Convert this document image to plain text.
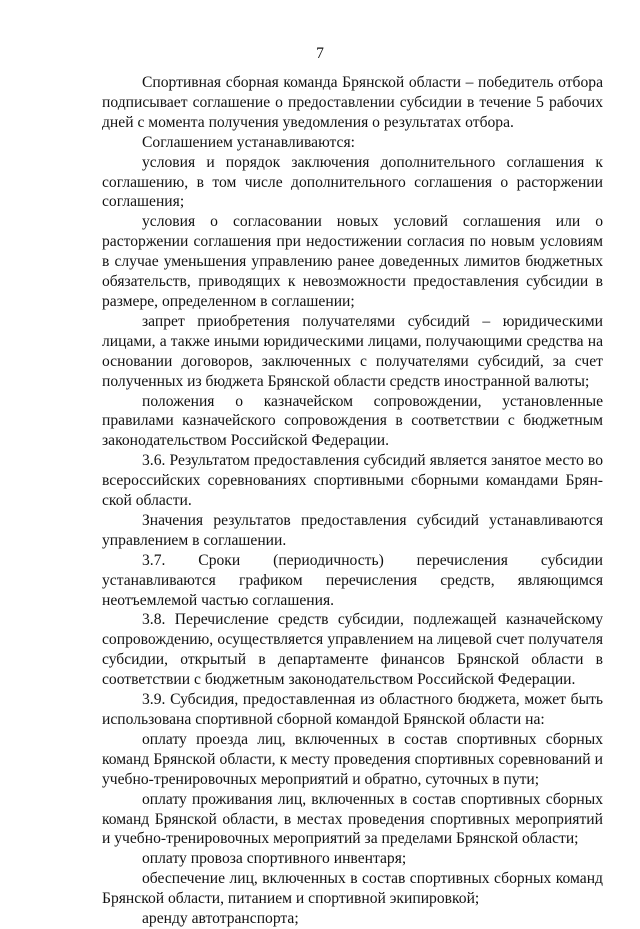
7

Спортивная сборная команда Брянской области – победитель отбора подписывает соглашение о предоставлении субсидии в течение 5 рабочих дней с момента получения уведомления о результатах отбора.

Соглашением устанавливаются:

условия и порядок заключения дополнительного соглашения к соглашению, в том числе дополнительного соглашения о расторжении соглашения;

условия о согласовании новых условий соглашения или о расторжении соглашения при недостижении согласия по новым условиям в случае уменьшения управлению ранее доведенных лимитов бюджетных обязательств, приводящих к невозможности предоставления субсидии в размере, определенном в соглашении;

запрет приобретения получателями субсидий – юридическими лицами, а также иными юридическими лицами, получающими средства на основании договоров, заключенных с получателями субсидий, за счет полученных из бюджета Брянской области средств иностранной валюты;

положения о казначейском сопровождении, установленные правилами казначейского сопровождения в соответствии с бюджетным законодательством Российской Федерации.

3.6. Результатом предоставления субсидий является занятое место во всероссийских соревнованиях спортивными сборными командами Брянской области.

Значения результатов предоставления субсидий устанавливаются управлением в соглашении.

3.7. Сроки (периодичность) перечисления субсидии устанавливаются графиком перечисления средств, являющимся неотъемлемой частью соглашения.

3.8. Перечисление средств субсидии, подлежащей казначейскому сопровождению, осуществляется управлением на лицевой счет получателя субсидии, открытый в департаменте финансов Брянской области в соответствии с бюджетным законодательством Российской Федерации.

3.9. Субсидия, предоставленная из областного бюджета, может быть использована спортивной сборной командой Брянской области на:

оплату проезда лиц, включенных в состав спортивных сборных команд Брянской области, к месту проведения спортивных соревнований и учебно-тренировочных мероприятий и обратно, суточных в пути;

оплату проживания лиц, включенных в состав спортивных сборных команд Брянской области, в местах проведения спортивных мероприятий и учебно-тренировочных мероприятий за пределами Брянской области;

оплату провоза спортивного инвентаря;

обеспечение лиц, включенных в состав спортивных сборных команд Брянской области, питанием и спортивной экипировкой;

аренду автотранспорта;
